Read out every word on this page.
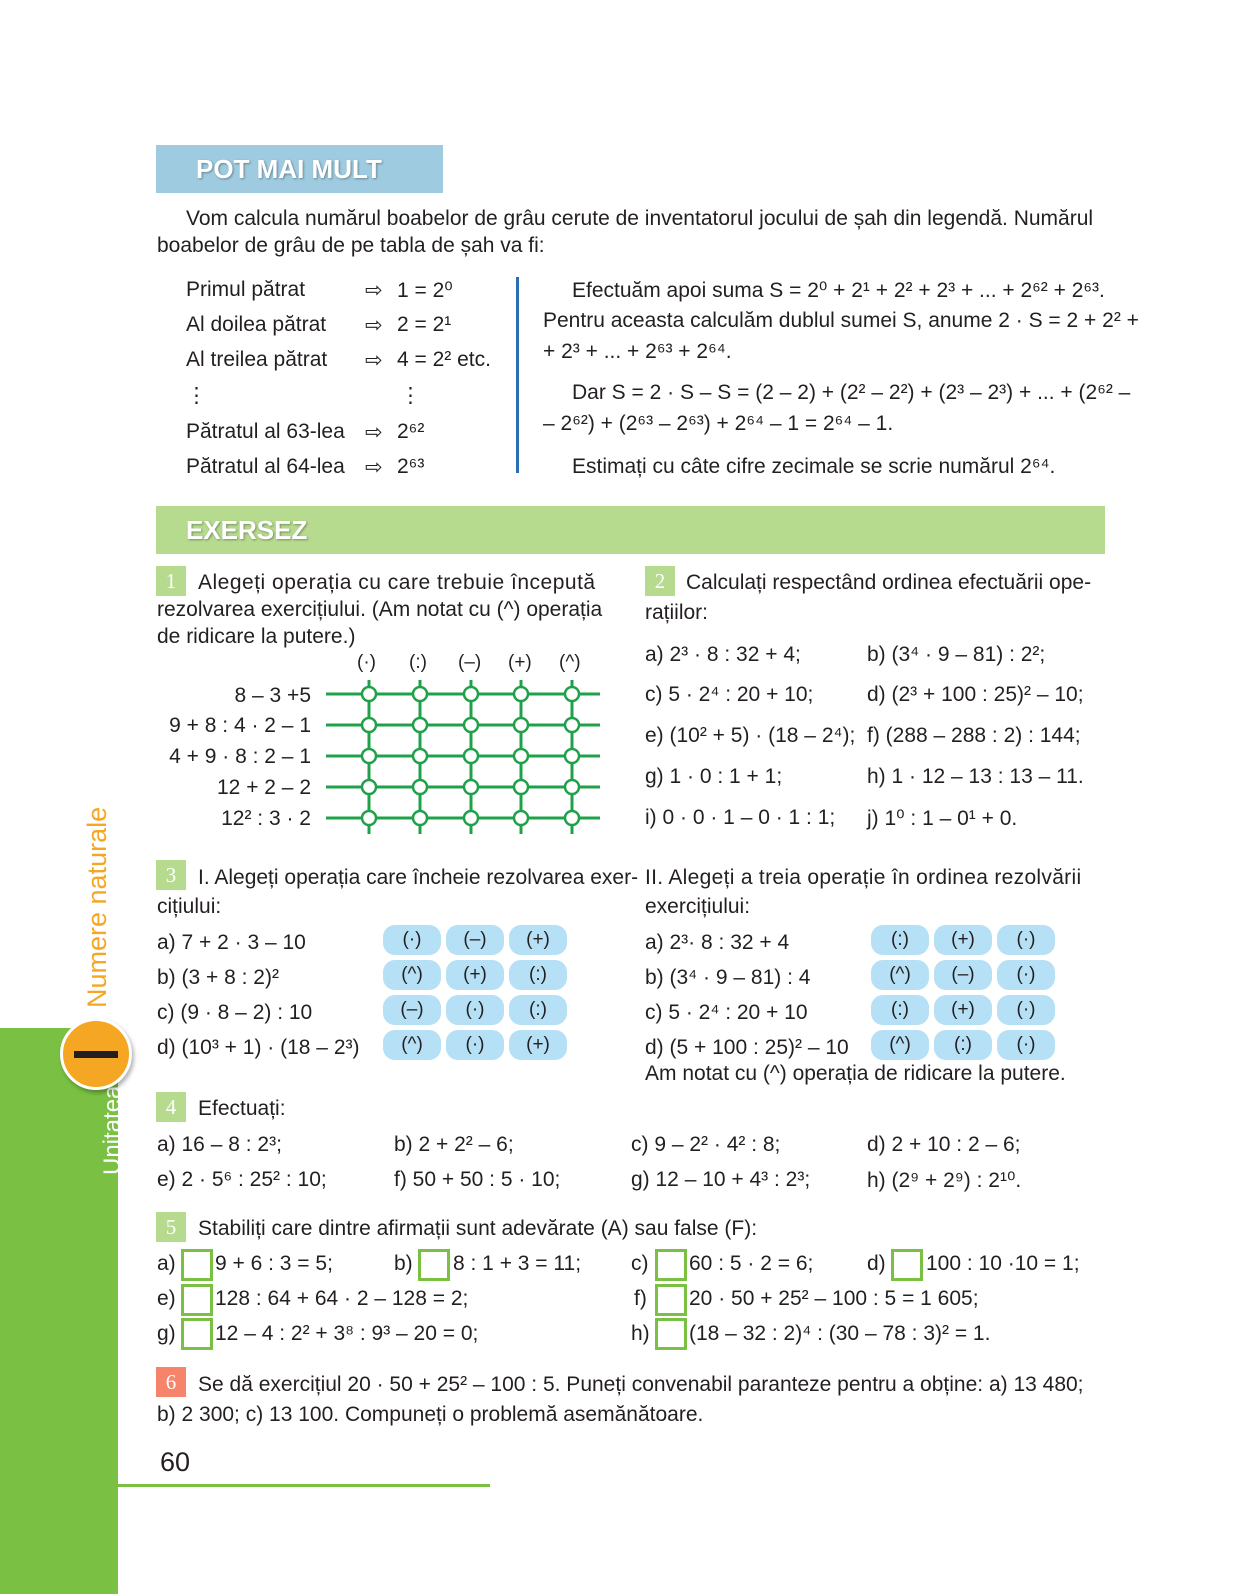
Unitatea
Numere naturale
60
POT MAI MULT
Vom calcula numărul boabelor de grâu cerute de inventatorul jocului de șah din legendă. Numărul
boabelor de grâu de pe tabla de șah va fi:
Primul pătrat	⇨ 1 = 2⁰
Al doilea pătrat ⇨ 2 = 2¹
Al treilea pătrat ⇨ 4 = 2² etc.
⋮	⋮
Pătratul al 63-lea ⇨ 2⁶²
Pătratul al 64-lea ⇨ 2⁶³
Efectuăm apoi suma S = 2⁰ + 2¹ + 2² + 2³ + ... + 2⁶² + 2⁶³.
Pentru aceasta calculăm dublul sumei S, anume 2 · S = 2 + 2² +
+ 2³ + ... + 2⁶³ + 2⁶⁴.
Dar S = 2 · S – S = (2 – 2) + (2² – 2²) + (2³ – 2³) + ... + (2⁶² –
– 2⁶²) + (2⁶³ – 2⁶³) + 2⁶⁴ – 1 = 2⁶⁴ – 1.
Estimați cu câte cifre zecimale se scrie numărul 2⁶⁴.
EXERSEZ
1	Alegeți operația cu care trebuie începută
rezolvarea exercițiului. (Am notat cu (^) operația
de ridicare la putere.)
(·) (:) (–) (+) (^)
8 – 3 +5
9 + 8 : 4 · 2 – 1
4 + 9 · 8 : 2 – 1
12 + 2 – 2
12² : 3 · 2
2 Calculați respectând ordinea efectuării ope-
rațiilor:
a) 2³ · 8 : 32 + 4;	b) (3⁴ · 9 – 81) : 2²;
c) 5 · 2⁴ : 20 + 10;	d) (2³ + 100 : 25)² – 10;
e) (10² + 5) · (18 – 2⁴); f) (288 – 288 : 2) : 144;
g) 1 · 0 : 1 + 1;	h) 1 · 12 – 13 : 13 – 11.
i) 0 · 0 · 1 – 0 · 1 : 1; j) 1⁰ : 1 – 0¹ + 0.
3	I. Alegeți operația care încheie rezolvarea exer-
cițiului:
a) 7 + 2 · 3 – 10
b) (3 + 8 : 2)²
c) (9 · 8 – 2) : 10
d) (10³ + 1) · (18 – 2³)
(·)	(–)	(+)
(^)	(+)	(:)
(–)	(·)	(:)
(^)	(·)	(+)
II. Alegeți a treia operație în ordinea rezolvării
exercițiului:
a) 2³· 8 : 32 + 4
b) (3⁴ · 9 – 81) : 4
c) 5 · 2⁴ : 20 + 10
d) (5 + 100 : 25)² – 10
(:)	(+)	(·)
(^)	(–)	(·)
(:)	(+)	(·)
(^)	(:)	(·)
Am notat cu (^) operația de ridicare la putere.
4	Efectuați:
a) 16 – 8 : 2³;	b) 2 + 2² – 6;	c) 9 – 2² · 4² : 8;	d) 2 + 10 : 2 – 6;
e) 2 · 5⁶ : 25² : 10;	f) 50 + 50 : 5 · 10;	g) 12 – 10 + 4³ : 2³;	h) (2⁹ + 2⁹) : 2¹⁰.
5	Stabiliți care dintre afirmații sunt adevărate (A) sau false (F):
a) 9 + 6 : 3 = 5;	b) 8 : 1 + 3 = 11; c) 60 : 5 · 2 = 6;	d) 100 : 10 ·10 = 1;
e) 128 : 64 + 64 · 2 – 128 = 2;	f) 20 · 50 + 25² – 100 : 5 = 1 605;
g) 12 – 4 : 2² + 3⁸ : 9³ – 20 = 0;	h) (18 – 32 : 2)⁴ : (30 – 78 : 3)² = 1.
6	Se dă exercițiul 20 · 50 + 25² – 100 : 5. Puneți convenabil paranteze pentru a obține: a) 13 480;
b) 2 300; c) 13 100. Compuneți o problemă asemănătoare.
